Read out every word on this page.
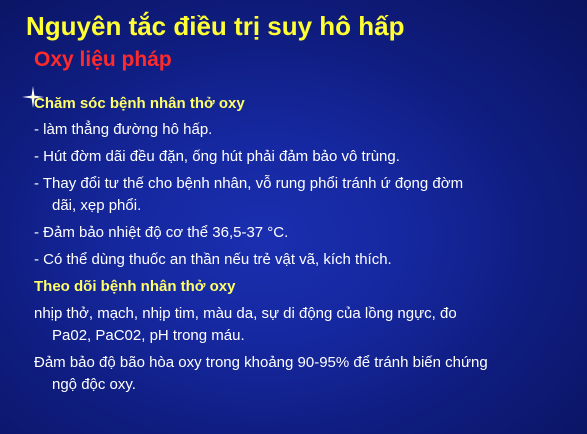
Nguyên tắc điều trị suy hô hấp
Oxy liệu pháp

Chăm sóc bệnh nhân thở oxy

- làm thẳng đường hô hấp.

- Hút đờm dãi đều đặn, ống hút phải đảm bảo vô trùng.

- Thay đổi tư thế cho bệnh nhân, vỗ rung phổi tránh ứ đọng đờm
dãi, xẹp phổi.

- Đảm bảo nhiệt độ cơ thể 36,5-37 °C.

- Có thể dùng thuốc an thần nếu trẻ vật vã, kích thích.

Theo dõi bệnh nhân thở oxy

nhịp thở, mạch, nhịp tim, màu da, sự di động của lồng ngực, đo
Pa02, PaC02, pH trong máu.

Đảm bảo độ bão hòa oxy trong khoảng 90-95% để tránh biến chứng
ngộ độc oxy.
